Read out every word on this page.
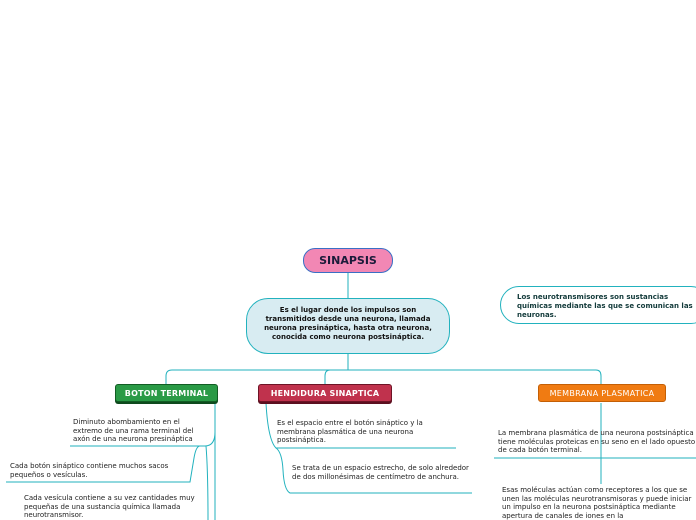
SINAPSIS
Es el lugar donde los impulsos son transmitidos desde una neurona, llamada neurona presináptica, hasta otra neurona, conocida como neurona postsináptica.
Los neurotransmisores son sustancias químicas mediante las que se comunican las neuronas.
BOTON TERMINAL	HENDIDURA SINAPTICA	MEMBRANA PLASMATICA
Diminuto abombamiento en el extremo de una rama terminal del axón de una neurona presináptica
Cada botón sináptico contiene muchos sacos pequeños o vesículas.
Cada vesícula contiene a su vez cantidades muy pequeñas de una sustancia química llamada neurotransmisor.
Es el espacio entre el botón sináptico y la membrana plasmática de una neurona postsináptica.
Se trata de un espacio estrecho, de solo alrededor de dos millonésimas de centímetro de anchura.
La membrana plasmática de una neurona postsináptica tiene moléculas proteicas en su seno en el lado opuesto de cada botón terminal.
Esas moléculas actúan como receptores a los que se unen las moléculas neurotransmisoras y puede iniciar un impulso en la neurona postsináptica mediante apertura de canales de iones en la
